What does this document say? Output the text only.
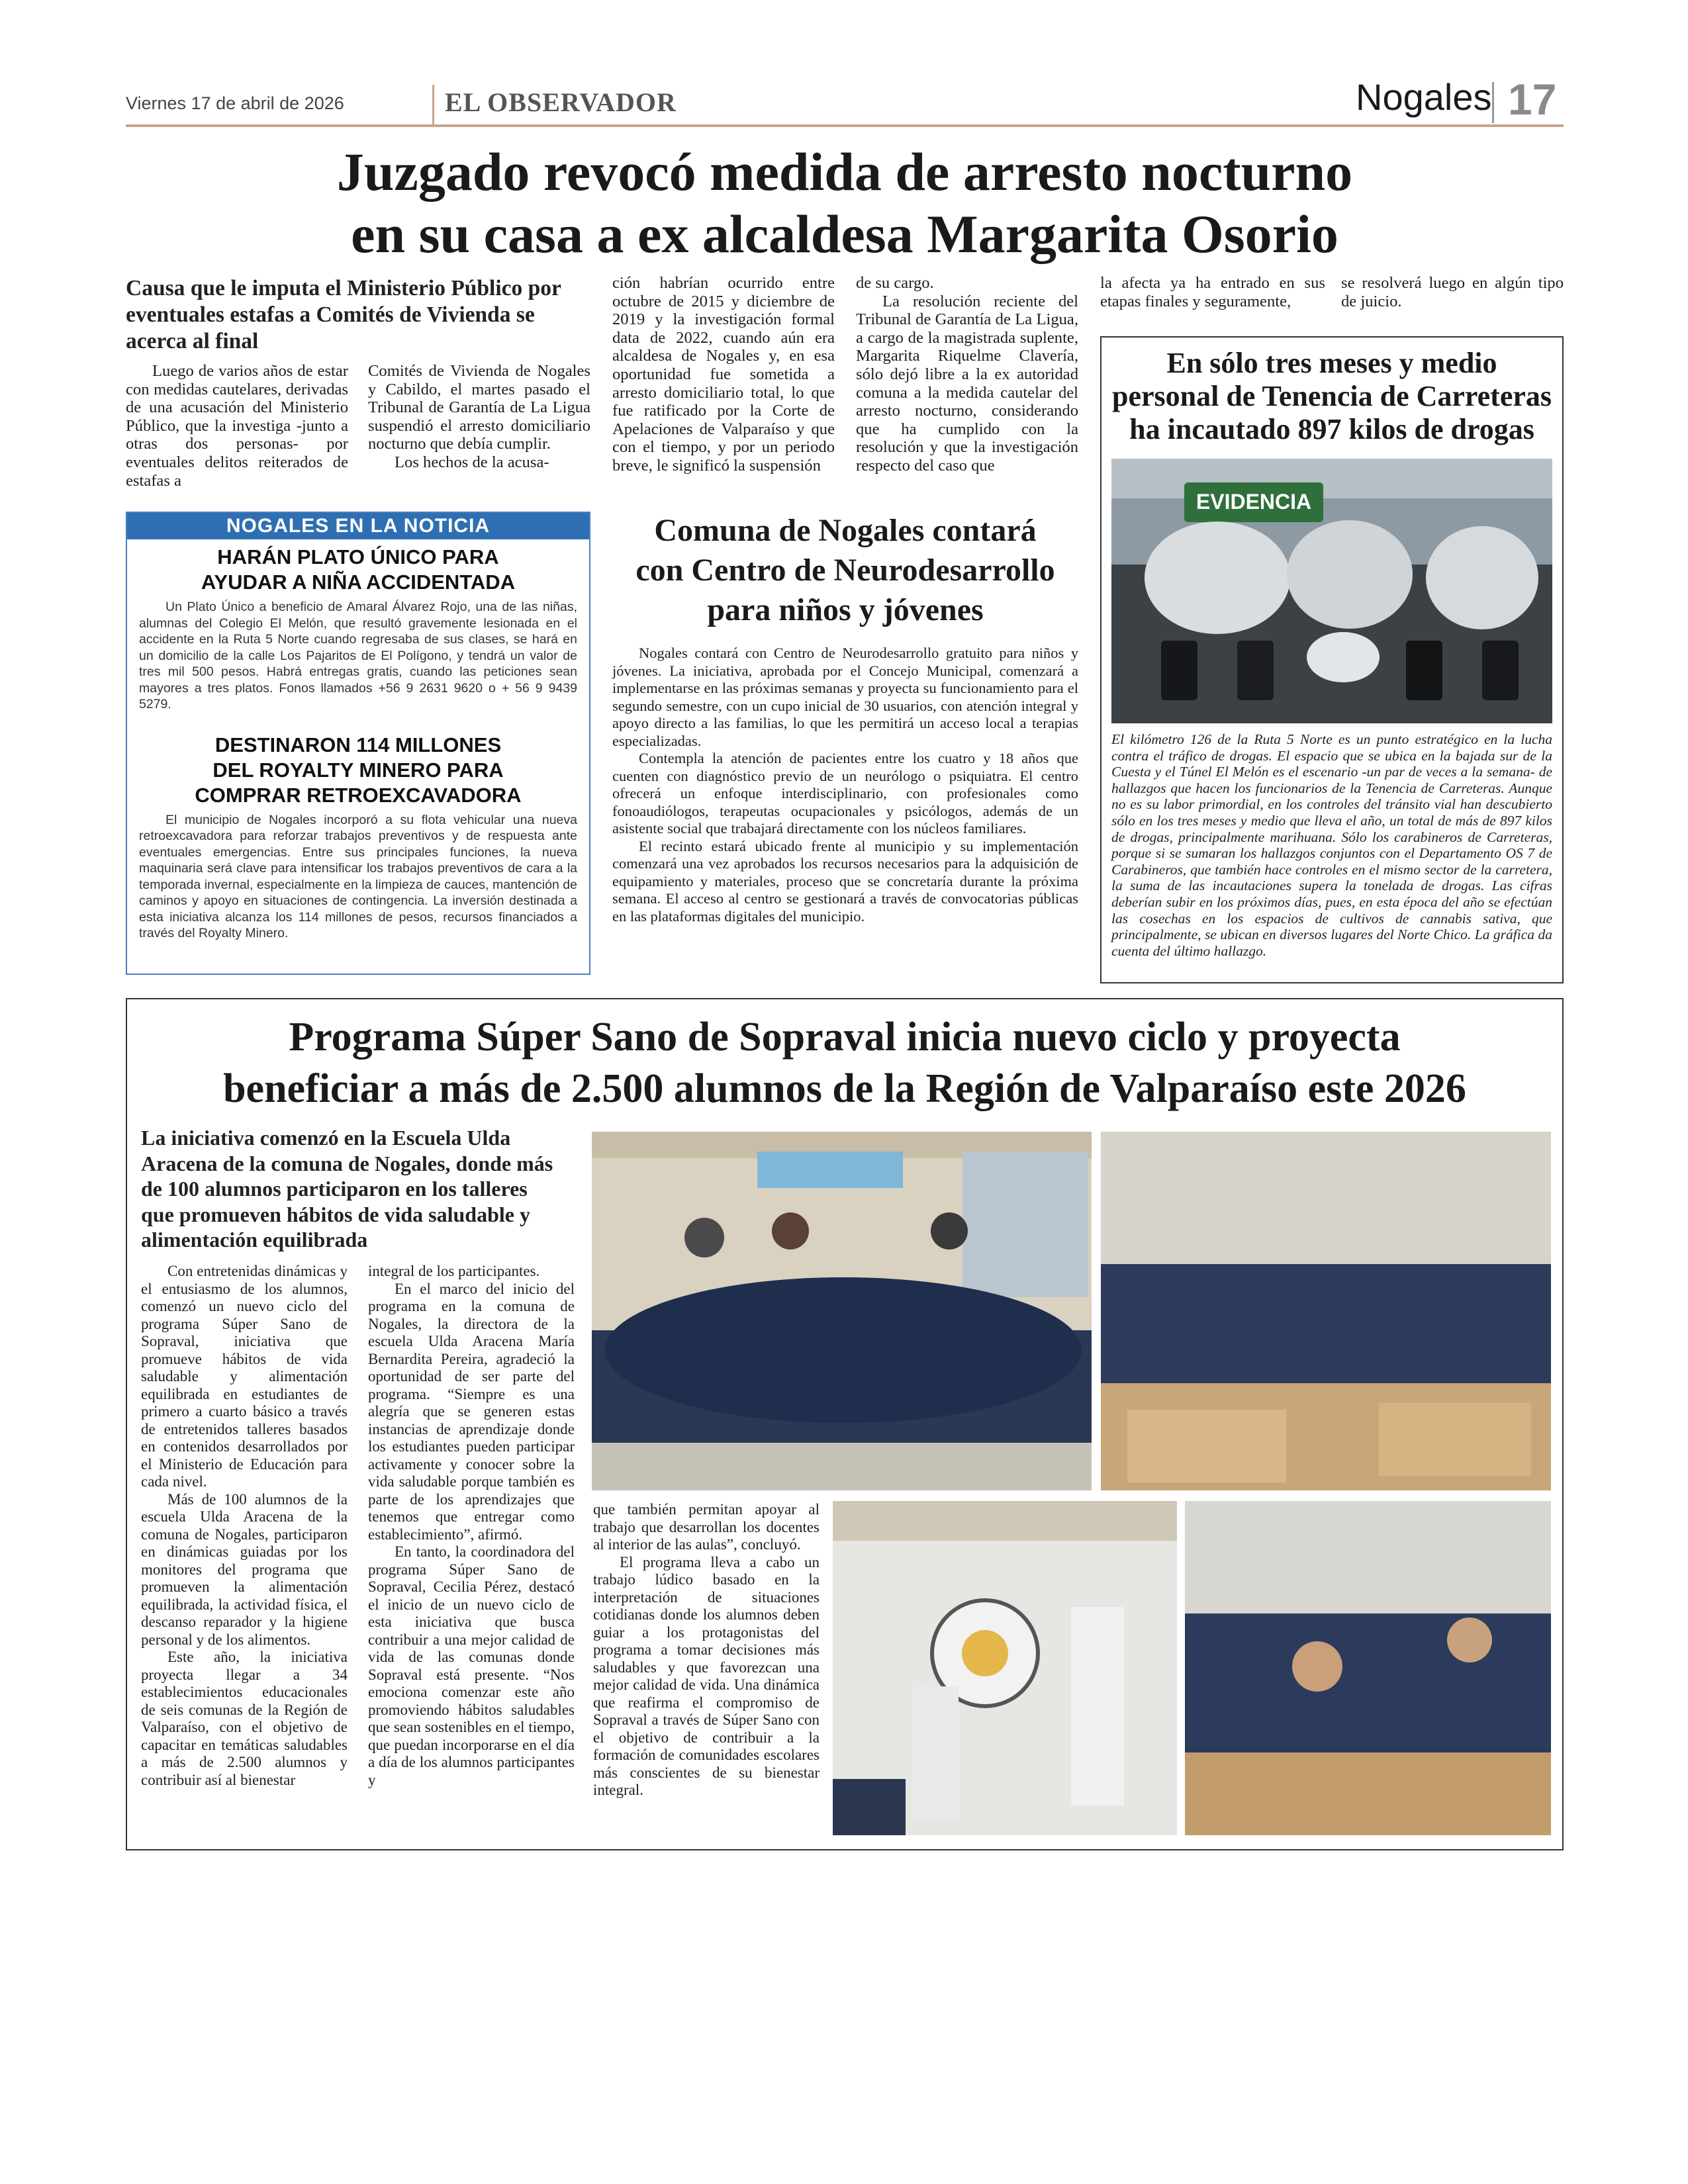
Viernes 17 de abril de 2026	EL OBSERVADOR	Nogales 17
Juzgado revocó medida de arresto nocturno
en su casa a ex alcaldesa Margarita Osorio
Causa que le imputa el Ministerio Público por eventuales estafas a Comités de Vivienda se acerca al final

Luego de varios años de estar con medidas cautelares, derivadas de una acusación del Ministerio Público, que la investiga -junto a otras dos personas- por eventuales delitos reiterados de estafas a

Comités de Vivienda de Nogales y Cabildo, el martes pasado el Tribunal de Garantía de La Ligua suspendió el arresto domiciliario nocturno que debía cumplir.

Los hechos de la acusa-

ción habrían ocurrido entre octubre de 2015 y diciembre de 2019 y la investigación formal data de 2022, cuando aún era alcaldesa de Nogales y, en esa oportunidad fue sometida a arresto domiciliario total, lo que fue ratificado por la Corte de Apelaciones de Valparaíso y que con el tiempo, y por un periodo breve, le significó la suspensión

de su cargo.

La resolución reciente del Tribunal de Garantía de La Ligua, a cargo de la magistrada suplente, Margarita Riquelme Clavería, sólo dejó libre a la ex autoridad comuna a la medida cautelar del arresto nocturno, considerando que ha cumplido con la resolución y que la investigación respecto del caso que

la afecta ya ha entrado en sus etapas finales y seguramente,

se resolverá luego en algún tipo de juicio.

NOGALES EN LA NOTICIA
HARÁN PLATO ÚNICO PARA
AYUDAR A NIÑA ACCIDENTADA
Un Plato Único a beneficio de Amaral Álvarez Rojo, una de las niñas, alumnas del Colegio El Melón, que resultó gravemente lesionada en el accidente en la Ruta 5 Norte cuando regresaba de sus clases, se hará en un domicilio de la calle Los Pajaritos de El Polígono, y tendrá un valor de tres mil 500 pesos. Habrá entregas gratis, cuando las peticiones sean mayores a tres platos. Fonos llamados +56 9 2631 9620 o + 56 9 9439 5279.
DESTINARON 114 MILLONES
DEL ROYALTY MINERO PARA
COMPRAR RETROEXCAVADORA
El municipio de Nogales incorporó a su flota vehicular una nueva retroexcavadora para reforzar trabajos preventivos y de respuesta ante eventuales emergencias. Entre sus principales funciones, la nueva maquinaria será clave para intensificar los trabajos preventivos de cara a la temporada invernal, especialmente en la limpieza de cauces, mantención de caminos y apoyo en situaciones de contingencia. La inversión destinada a esta iniciativa alcanza los 114 millones de pesos, recursos financiados a través del Royalty Minero.
Comuna de Nogales contará
con Centro de Neurodesarrollo
para niños y jóvenes

Nogales contará con Centro de Neurodesarrollo gratuito para niños y jóvenes. La iniciativa, aprobada por el Concejo Municipal, comenzará a implementarse en las próximas semanas y proyecta su funcionamiento para el segundo semestre, con un cupo inicial de 30 usuarios, con atención integral y apoyo directo a las familias, lo que les permitirá un acceso local a terapias especializadas.

Contempla la atención de pacientes entre los cuatro y 18 años que cuenten con diagnóstico previo de un neurólogo o psiquiatra. El centro ofrecerá un enfoque interdisciplinario, con profesionales como fonoaudiólogos, terapeutas ocupacionales y psicólogos, además de un asistente social que trabajará directamente con los núcleos familiares.

El recinto estará ubicado frente al municipio y su implementación comenzará una vez aprobados los recursos necesarios para la adquisición de equipamiento y materiales, proceso que se concretaría durante la próxima semana. El acceso al centro se gestionará a través de convocatorias públicas en las plataformas digitales del municipio.

En sólo tres meses y medio
personal de Tenencia de Carreteras
ha incautado 897 kilos de drogas
EVIDENCIA
El kilómetro 126 de la Ruta 5 Norte es un punto estratégico en la lucha contra el tráfico de drogas. El espacio que se ubica en la bajada sur de la Cuesta y el Túnel El Melón es el escenario -un par de veces a la semana- de hallazgos que hacen los funcionarios de la Tenencia de Carreteras. Aunque no es su labor primordial, en los controles del tránsito vial han descubierto sólo en los tres meses y medio que lleva el año, un total de más de 897 kilos de drogas, principalmente marihuana. Sólo los carabineros de Carreteras, porque si se sumaran los hallazgos conjuntos con el Departamento OS 7 de Carabineros, que también hace controles en el mismo sector de la carretera, la suma de las incautaciones supera la tonelada de drogas. Las cifras deberían subir en los próximos días, pues, en esta época del año se efectúan las cosechas en los espacios de cultivos de cannabis sativa, que principalmente, se ubican en diversos lugares del Norte Chico. La gráfica da cuenta del último hallazgo.
Programa Súper Sano de Sopraval inicia nuevo ciclo y proyecta
beneficiar a más de 2.500 alumnos de la Región de Valparaíso este 2026
La iniciativa comenzó en la Escuela Ulda Aracena de la comuna de Nogales, donde más de 100 alumnos participaron en los talleres que promueven hábitos de vida saludable y alimentación equilibrada

Con entretenidas dinámicas y el entusiasmo de los alumnos, comenzó un nuevo ciclo del programa Súper Sano de Sopraval, iniciativa que promueve hábitos de vida saludable y alimentación equilibrada en estudiantes de primero a cuarto básico a través de entretenidos talleres basados en contenidos desarrollados por el Ministerio de Educación para cada nivel.

Más de 100 alumnos de la escuela Ulda Aracena de la comuna de Nogales, participaron en dinámicas guiadas por los monitores del programa que promueven la alimentación equilibrada, la actividad física, el descanso reparador y la higiene personal y de los alimentos.

Este año, la iniciativa proyecta llegar a 34 establecimientos educacionales de seis comunas de la Región de Valparaíso, con el objetivo de capacitar en temáticas saludables a más de 2.500 alumnos y contribuir así al bienestar

integral de los participantes.

En el marco del inicio del programa en la comuna de Nogales, la directora de la escuela Ulda Aracena María Bernardita Pereira, agradeció la oportunidad de ser parte del programa. “Siempre es una alegría que se generen estas instancias de aprendizaje donde los estudiantes pueden participar activamente y conocer sobre la vida saludable porque también es parte de los aprendizajes que tenemos que entregar como establecimiento”, afirmó.

En tanto, la coordinadora del programa Súper Sano de Sopraval, Cecilia Pérez, destacó el inicio de un nuevo ciclo de esta iniciativa que busca contribuir a una mejor calidad de vida de las comunas donde Sopraval está presente. “Nos emociona comenzar este año promoviendo hábitos saludables que sean sostenibles en el tiempo, que puedan incorporarse en el día a día de los alumnos participantes y

que también permitan apoyar al trabajo que desarrollan los docentes al interior de las aulas”, concluyó.

El programa lleva a cabo un trabajo lúdico basado en la interpretación de situaciones cotidianas donde los alumnos deben guiar a los protagonistas del programa a tomar decisiones más saludables y que favorezcan una mejor calidad de vida. Una dinámica que reafirma el compromiso de Sopraval a través de Súper Sano con el objetivo de contribuir a la formación de comunidades escolares más conscientes de su bienestar integral.
